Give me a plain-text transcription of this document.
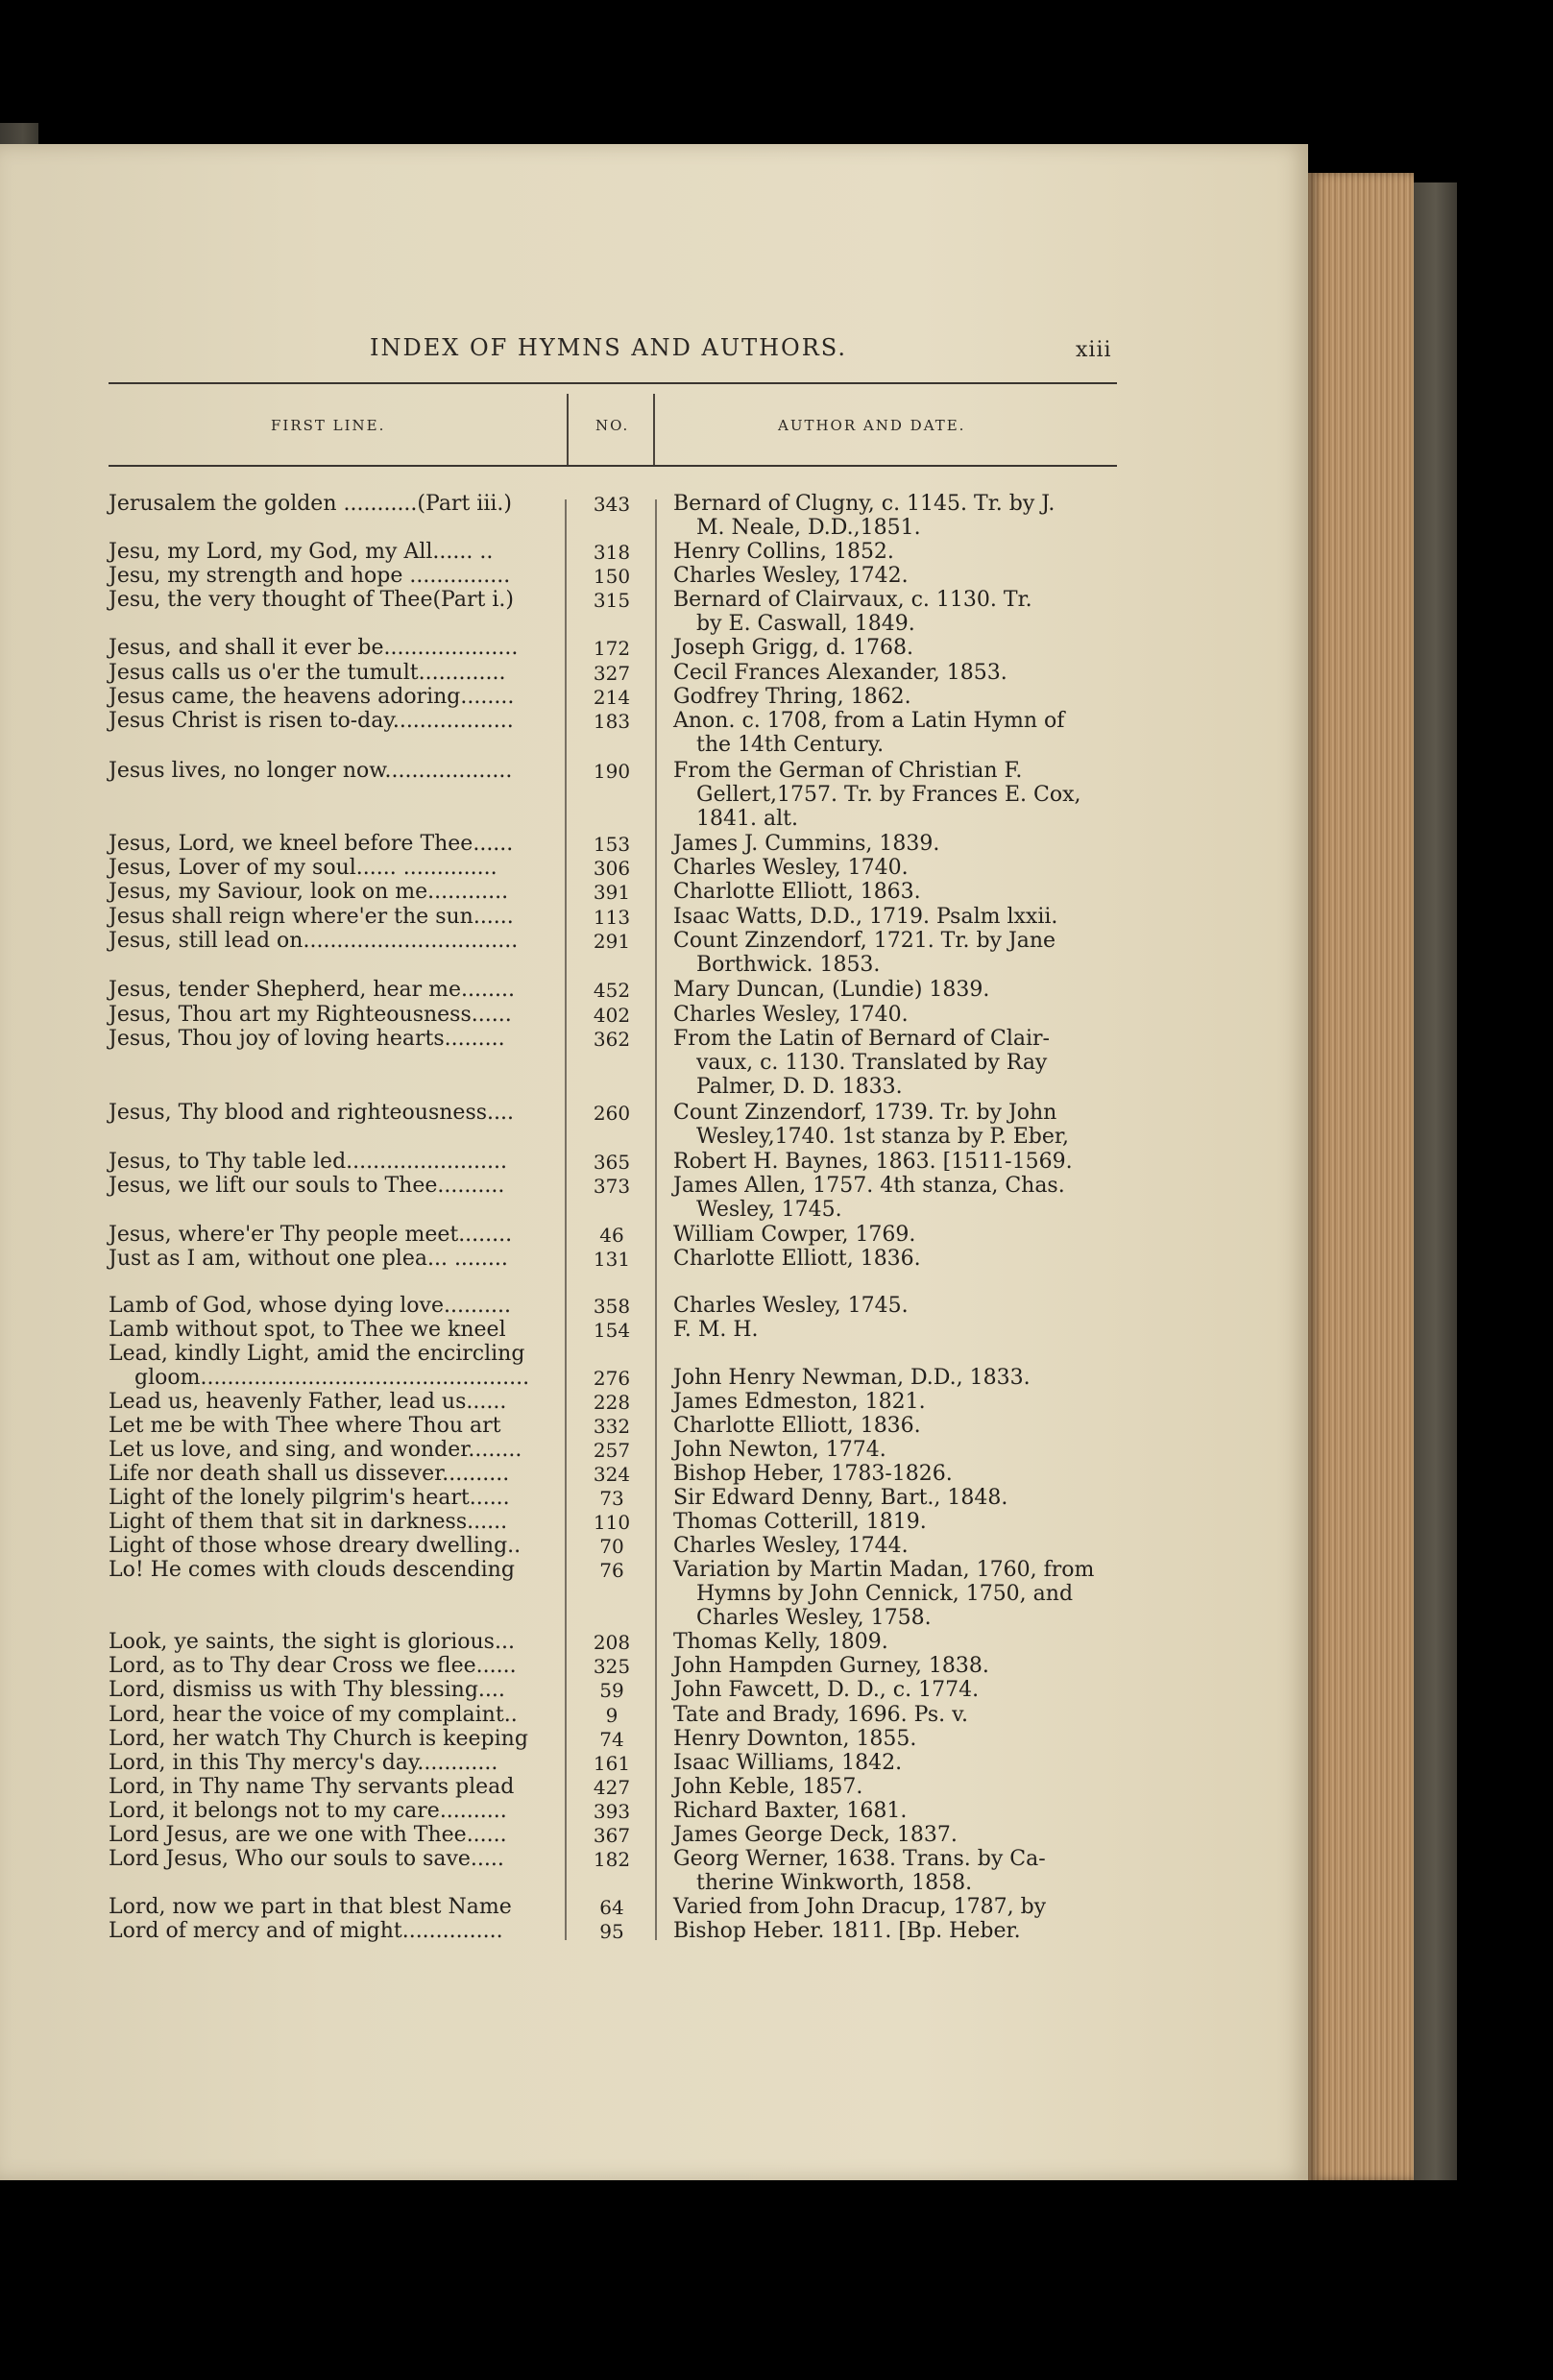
INDEX OF HYMNS AND AUTHORS.	xiii
FIRST LINE.	NO.	AUTHOR AND DATE.
Jerusalem the golden ...........(Part iii.)	343 Bernard of Clugny, c. 1145. Tr. by J.
M. Neale, D.D.,1851.
Jesu, my Lord, my God, my All...... ..	318 Henry Collins, 1852.
Jesu, my strength and hope ...............	150 Charles Wesley, 1742.
Jesu, the very thought of Thee(Part i.)	315 Bernard of Clairvaux, c. 1130. Tr.
by E. Caswall, 1849.
Jesus, and shall it ever be....................	172 Joseph Grigg, d. 1768.
Jesus calls us o'er the tumult.............	327 Cecil Frances Alexander, 1853.
Jesus came, the heavens adoring........	214 Godfrey Thring, 1862.
Jesus Christ is risen to-day..................	183 Anon. c. 1708, from a Latin Hymn of
the 14th Century.
Jesus lives, no longer now...................	190 From the German of Christian F.
Gellert,1757. Tr. by Frances E. Cox,
1841. alt.
Jesus, Lord, we kneel before Thee......	153 James J. Cummins, 1839.
Jesus, Lover of my soul...... ..............	306 Charles Wesley, 1740.
Jesus, my Saviour, look on me............	391 Charlotte Elliott, 1863.
Jesus shall reign where'er the sun......	113 Isaac Watts, D.D., 1719. Psalm lxxii.
Jesus, still lead on................................	291 Count Zinzendorf, 1721. Tr. by Jane
Borthwick. 1853.
Jesus, tender Shepherd, hear me........	452 Mary Duncan, (Lundie) 1839.
Jesus, Thou art my Righteousness......	402 Charles Wesley, 1740.
Jesus, Thou joy of loving hearts.........	362 From the Latin of Bernard of Clair-
vaux, c. 1130. Translated by Ray
Palmer, D. D. 1833.
Jesus, Thy blood and righteousness....	260 Count Zinzendorf, 1739. Tr. by John
Wesley,1740. 1st stanza by P. Eber,
Jesus, to Thy table led........................	365 Robert H. Baynes, 1863. [1511-1569.
Jesus, we lift our souls to Thee..........	373 James Allen, 1757. 4th stanza, Chas.
Wesley, 1745.
Jesus, where'er Thy people meet........	46	William Cowper, 1769.
Just as I am, without one plea... ........	131 Charlotte Elliott, 1836.
Lamb of God, whose dying love..........	358 Charles Wesley, 1745.
Lamb without spot, to Thee we kneel	154 F. M. H.
Lead, kindly Light, amid the encircling
gloom.................................................	276 John Henry Newman, D.D., 1833.
Lead us, heavenly Father, lead us......	228 James Edmeston, 1821.
Let me be with Thee where Thou art	332 Charlotte Elliott, 1836.
Let us love, and sing, and wonder........	257 John Newton, 1774.
Life nor death shall us dissever..........	324 Bishop Heber, 1783-1826.
Light of the lonely pilgrim's heart......	73	Sir Edward Denny, Bart., 1848.
Light of them that sit in darkness......	110 Thomas Cotterill, 1819.
Light of those whose dreary dwelling..	70	Charles Wesley, 1744.
Lo! He comes with clouds descending	76	Variation by Martin Madan, 1760, from
Hymns by John Cennick, 1750, and
Charles Wesley, 1758.
Look, ye saints, the sight is glorious...	208 Thomas Kelly, 1809.
Lord, as to Thy dear Cross we flee......	325 John Hampden Gurney, 1838.
Lord, dismiss us with Thy blessing....	59	John Fawcett, D. D., c. 1774.
Lord, hear the voice of my complaint..	9	Tate and Brady, 1696. Ps. v.
Lord, her watch Thy Church is keeping	74	Henry Downton, 1855.
Lord, in this Thy mercy's day............	161 Isaac Williams, 1842.
Lord, in Thy name Thy servants plead	427 John Keble, 1857.
Lord, it belongs not to my care..........	393 Richard Baxter, 1681.
Lord Jesus, are we one with Thee......	367 James George Deck, 1837.
Lord Jesus, Who our souls to save.....	182 Georg Werner, 1638. Trans. by Ca-
therine Winkworth, 1858.
Lord, now we part in that blest Name	64	Varied from John Dracup, 1787, by
Lord of mercy and of might...............	95	Bishop Heber. 1811. [Bp. Heber.
